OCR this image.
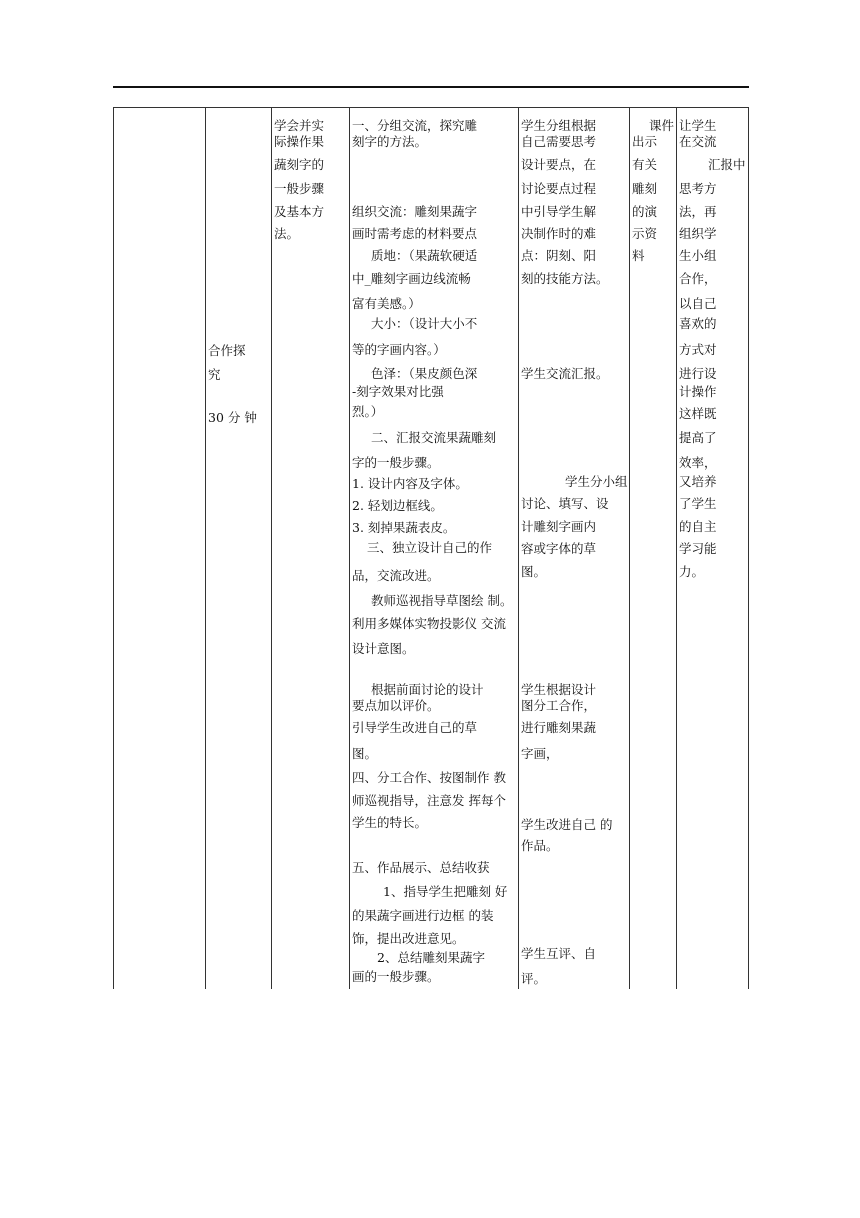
学会并实
际操作果
蔬刻字的
一般步骤
及基本方
法。
合作探
究
30 分 钟
一、分组交流，探究雕
刻字的方法。
组织交流：雕刻果蔬字
画时需考虑的材料要点
质地：（果蔬软硬适
中_雕刻字画边线流畅
富有美感。）
大小：（设计大小不
等的字画内容。）
色泽：（果皮颜色深
-刻字效果对比强
烈。）
二、汇报交流果蔬雕刻
字的一般步骤。
1. 设计内容及字体。
2. 轻划边框线。
3. 刻掉果蔬表皮。
三、独立设计自己的作
品，交流改进。
教师巡视指导草图绘 制。
利用多媒体实物投影仪 交流
设计意图。
根据前面讨论的设计
要点加以评价。
引导学生改进自己的草
图。
四、分工合作、按图制作 教
师巡视指导，注意发 挥每个
学生的特长。
五、作品展示、总结收获
1、指导学生把雕刻 好
的果蔬字画进行边框 的装
饰，提出改进意见。
2、总结雕刻果蔬字
画的一般步骤。
学生分组根据
自己需要思考
设计要点，在
讨论要点过程
中引导学生解
决制作时的难
点：阴刻、阳
刻的技能方法。
学生交流汇报。
学生分小组
讨论、填写、设
计雕刻字画内
容或字体的草
图。
学生根据设计
图分工合作，
进行雕刻果蔬
字画，
学生改进自己 的
作品。
学生互评、自
评。
课件
出示
有关
雕刻
的演
示资
料
让学生
在交流
汇报中
思考方
法，再
组织学
生小组
合作，
以自己
喜欢的
方式对
进行设
计操作
这样既
提高了
效率，
又培养
了学生
的自主
学习能
力。
